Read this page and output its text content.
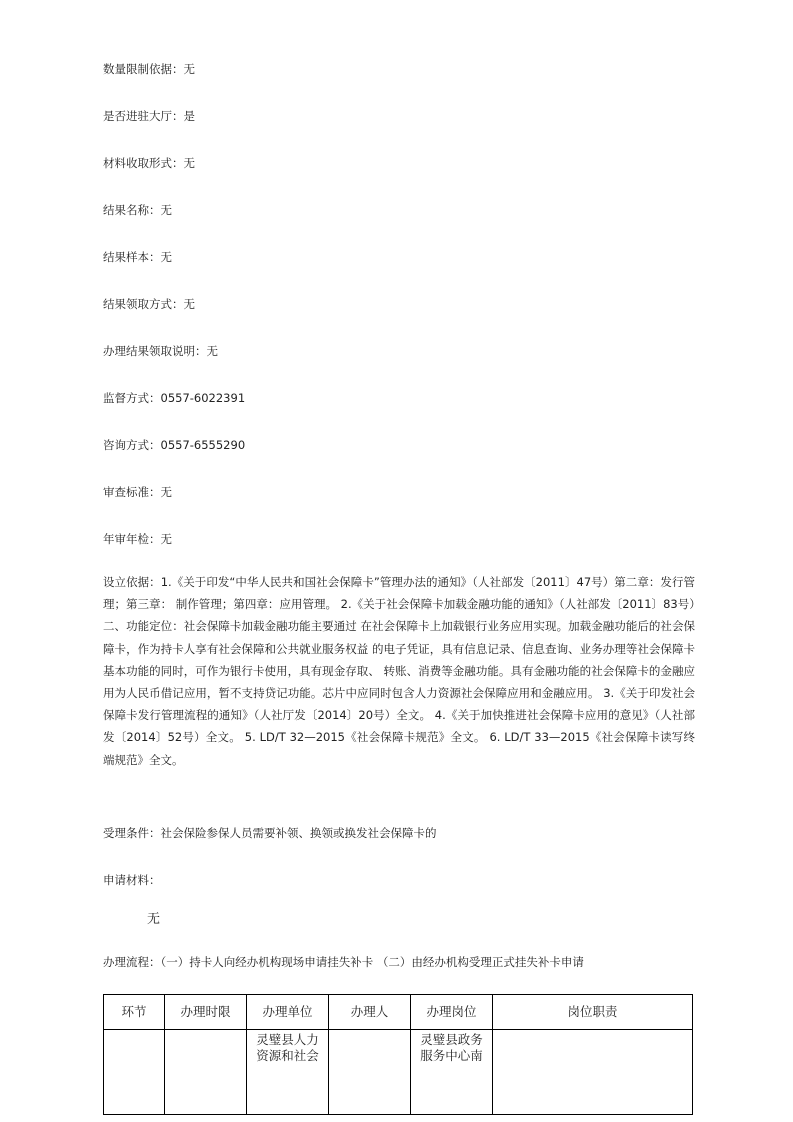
数量限制依据：无
是否进驻大厅：是
材料收取形式：无
结果名称：无
结果样本：无
结果领取方式：无
办理结果领取说明：无
监督方式：0557-6022391
咨询方式：0557-6555290
审查标准：无
年审年检：无
设立依据：1.《关于印发“中华人民共和国社会保障卡”管理办法的通知》（人社部发〔2011〕47号）第二章：发行管理；第三章： 制作管理；第四章：应用管理。 2.《关于社会保障卡加载金融功能的通知》（人社部发〔2011〕83号）二、功能定位：社会保障卡加载金融功能主要通过 在社会保障卡上加载银行业务应用实现。加载金融功能后的社会保障卡，作为持卡人享有社会保障和公共就业服务权益 的电子凭证，具有信息记录、信息查询、业务办理等社会保障卡基本功能的同时，可作为银行卡使用，具有现金存取、 转账、消费等金融功能。具有金融功能的社会保障卡的金融应用为人民币借记应用，暂不支持贷记功能。芯片中应同时包含人力资源社会保障应用和金融应用。 3.《关于印发社会保障卡发行管理流程的通知》（人社厅发〔2014〕20号）全文。 4.《关于加快推进社会保障卡应用的意见》（人社部发〔2014〕52号）全文。 5. LD/T 32—2015《社会保障卡规范》全文。 6. LD/T 33—2015《社会保障卡读写终端规范》全文。
受理条件：社会保险参保人员需要补领、换领或换发社会保障卡的
申请材料：
无
办理流程：（一）持卡人向经办机构现场申请挂失补卡 （二）由经办机构受理正式挂失补卡申请
环节	办理时限	办理单位	办理人	办理岗位	岗位职责
		灵璧县人力资源和社会		灵璧县政务服务中心南	
